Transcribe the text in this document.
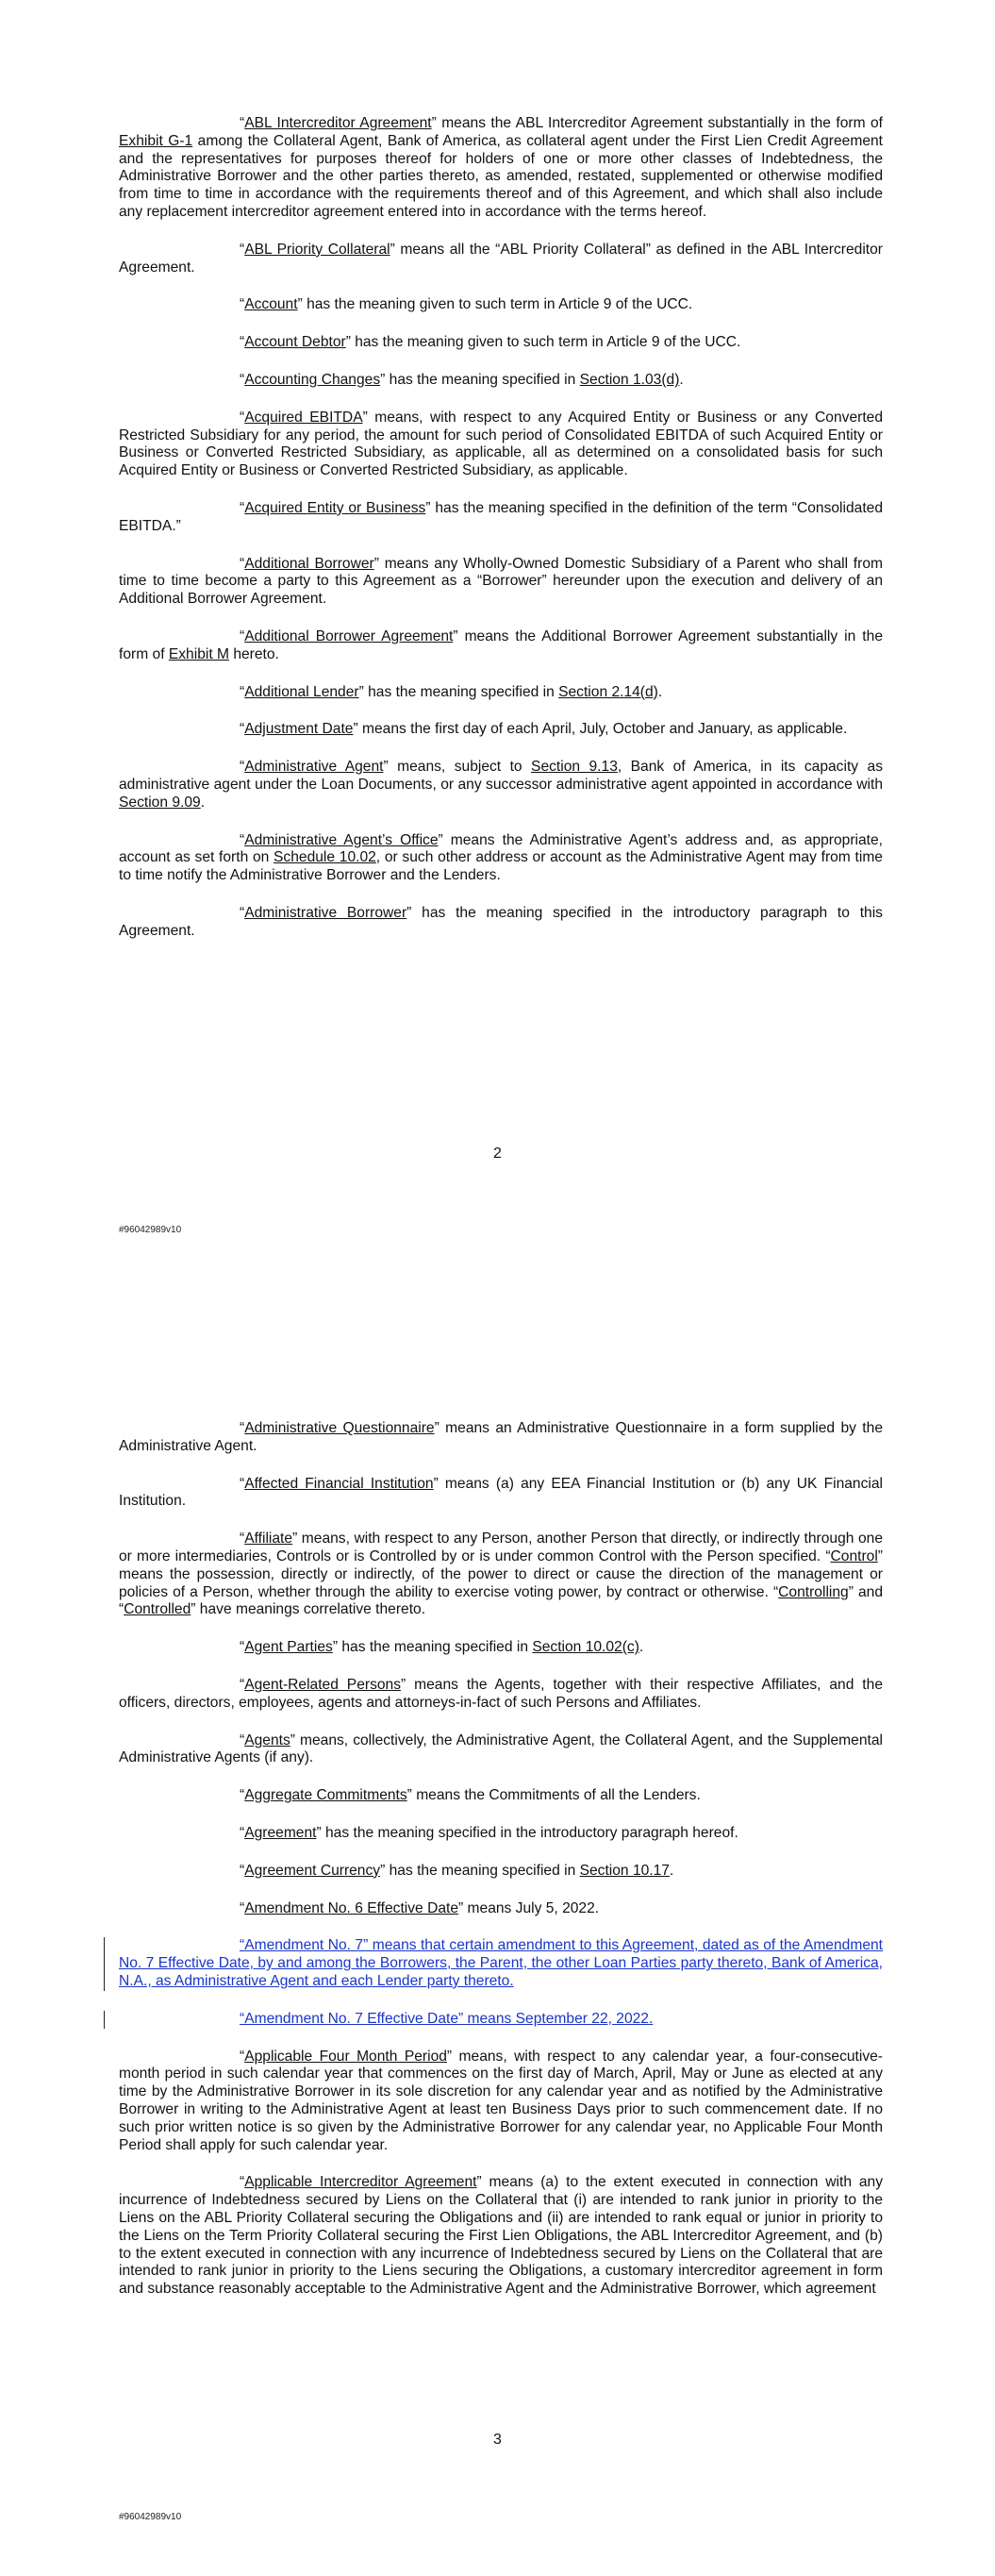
“ABL Intercreditor Agreement” means the ABL Intercreditor Agreement substantially in the form of Exhibit G-1 among the Collateral Agent, Bank of America, as collateral agent under the First Lien Credit Agreement and the representatives for purposes thereof for holders of one or more other classes of Indebtedness, the Administrative Borrower and the other parties thereto, as amended, restated, supplemented or otherwise modified from time to time in accordance with the requirements thereof and of this Agreement, and which shall also include any replacement intercreditor agreement entered into in accordance with the terms hereof.

“ABL Priority Collateral” means all the “ABL Priority Collateral” as defined in the ABL Intercreditor Agreement.

“Account” has the meaning given to such term in Article 9 of the UCC.

“Account Debtor” has the meaning given to such term in Article 9 of the UCC.

“Accounting Changes” has the meaning specified in Section 1.03(d).

“Acquired EBITDA” means, with respect to any Acquired Entity or Business or any Converted Restricted Subsidiary for any period, the amount for such period of Consolidated EBITDA of such Acquired Entity or Business or Converted Restricted Subsidiary, as applicable, all as determined on a consolidated basis for such Acquired Entity or Business or Converted Restricted Subsidiary, as applicable.

“Acquired Entity or Business” has the meaning specified in the definition of the term “Consolidated EBITDA.”

“Additional Borrower” means any Wholly-Owned Domestic Subsidiary of a Parent who shall from time to time become a party to this Agreement as a “Borrower” hereunder upon the execution and delivery of an Additional Borrower Agreement.

“Additional Borrower Agreement” means the Additional Borrower Agreement substantially in the form of Exhibit M hereto.

“Additional Lender” has the meaning specified in Section 2.14(d).

“Adjustment Date” means the first day of each April, July, October and January, as applicable.

“Administrative Agent” means, subject to Section 9.13, Bank of America, in its capacity as administrative agent under the Loan Documents, or any successor administrative agent appointed in accordance with Section 9.09.

“Administrative Agent’s Office” means the Administrative Agent’s address and, as appropriate, account as set forth on Schedule 10.02, or such other address or account as the Administrative Agent may from time to time notify the Administrative Borrower and the Lenders.

“Administrative Borrower” has the meaning specified in the introductory paragraph to this Agreement.

2
#96042989v10

“Administrative Questionnaire” means an Administrative Questionnaire in a form supplied by the Administrative Agent.

“Affected Financial Institution” means (a) any EEA Financial Institution or (b) any UK Financial Institution.

“Affiliate” means, with respect to any Person, another Person that directly, or indirectly through one or more intermediaries, Controls or is Controlled by or is under common Control with the Person specified. “Control” means the possession, directly or indirectly, of the power to direct or cause the direction of the management or policies of a Person, whether through the ability to exercise voting power, by contract or otherwise. “Controlling” and “Controlled” have meanings correlative thereto.

“Agent Parties” has the meaning specified in Section 10.02(c).

“Agent-Related Persons” means the Agents, together with their respective Affiliates, and the officers, directors, employees, agents and attorneys-in-fact of such Persons and Affiliates.

“Agents” means, collectively, the Administrative Agent, the Collateral Agent, and the Supplemental Administrative Agents (if any).

“Aggregate Commitments” means the Commitments of all the Lenders.

“Agreement” has the meaning specified in the introductory paragraph hereof.

“Agreement Currency” has the meaning specified in Section 10.17.

“Amendment No. 6 Effective Date” means July 5, 2022.

“Amendment No. 7” means that certain amendment to this Agreement, dated as of the Amendment No. 7 Effective Date, by and among the Borrowers, the Parent, the other Loan Parties party thereto, Bank of America, N.A., as Administrative Agent and each Lender party thereto.

“Amendment No. 7 Effective Date” means September 22, 2022.

“Applicable Four Month Period” means, with respect to any calendar year, a four-consecutive-month period in such calendar year that commences on the first day of March, April, May or June as elected at any time by the Administrative Borrower in its sole discretion for any calendar year and as notified by the Administrative Borrower in writing to the Administrative Agent at least ten Business Days prior to such commencement date. If no such prior written notice is so given by the Administrative Borrower for any calendar year, no Applicable Four Month Period shall apply for such calendar year.

“Applicable Intercreditor Agreement” means (a) to the extent executed in connection with any incurrence of Indebtedness secured by Liens on the Collateral that (i) are intended to rank junior in priority to the Liens on the ABL Priority Collateral securing the Obligations and (ii) are intended to rank equal or junior in priority to the Liens on the Term Priority Collateral securing the First Lien Obligations, the ABL Intercreditor Agreement, and (b) to the extent executed in connection with any incurrence of Indebtedness secured by Liens on the Collateral that are intended to rank junior in priority to the Liens securing the Obligations, a customary intercreditor agreement in form and substance reasonably acceptable to the Administrative Agent and the Administrative Borrower, which agreement

3
#96042989v10
